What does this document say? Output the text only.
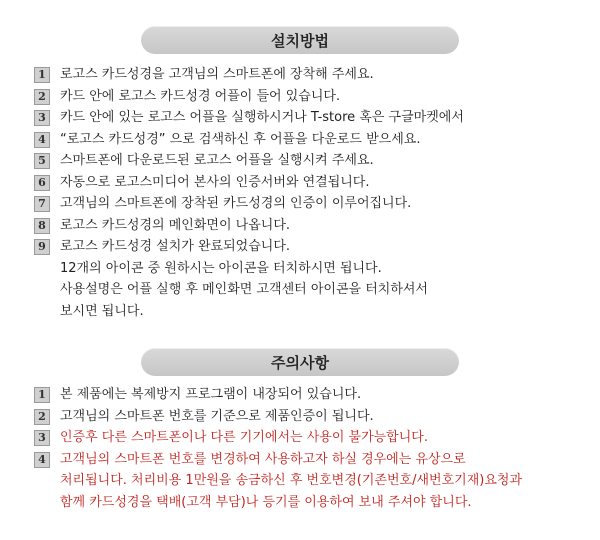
설치방법
1	로고스 카드성경을 고객님의 스마트폰에 장착해 주세요.
2	카드 안에 로고스 카드성경 어플이 들어 있습니다.
3	카드 안에 있는 로고스 어플을 실행하시거나 T-store 혹은 구글마켓에서
4	“로고스 카드성경” 으로 검색하신 후 어플을 다운로드 받으세요.
5	스마트폰에 다운로드된 로고스 어플을 실행시켜 주세요.
6	자동으로 로고스미디어 본사의 인증서버와 연결됩니다.
7	고객님의 스마트폰에 장착된 카드성경의 인증이 이루어집니다.
8	로고스 카드성경의 메인화면이 나옵니다.
9	로고스 카드성경 설치가 완료되었습니다.
12개의 아이콘 중 원하시는 아이콘을 터치하시면 됩니다.
사용설명은 어플 실행 후 메인화면 고객센터 아이콘을 터치하셔서
보시면 됩니다.
주의사항
1	본 제품에는 복제방지 프로그램이 내장되어 있습니다.
2	고객님의 스마트폰 번호를 기준으로 제품인증이 됩니다.
3	인증후 다른 스마트폰이나 다른 기기에서는 사용이 불가능합니다.
4	고객님의 스마트폰 번호를 변경하여 사용하고자 하실 경우에는 유상으로
처리됩니다. 처리비용 1만원을 송금하신 후 번호변경(기존번호/새번호기재)요청과
함께 카드성경을 택배(고객 부담)나 등기를 이용하여 보내 주셔야 합니다.
